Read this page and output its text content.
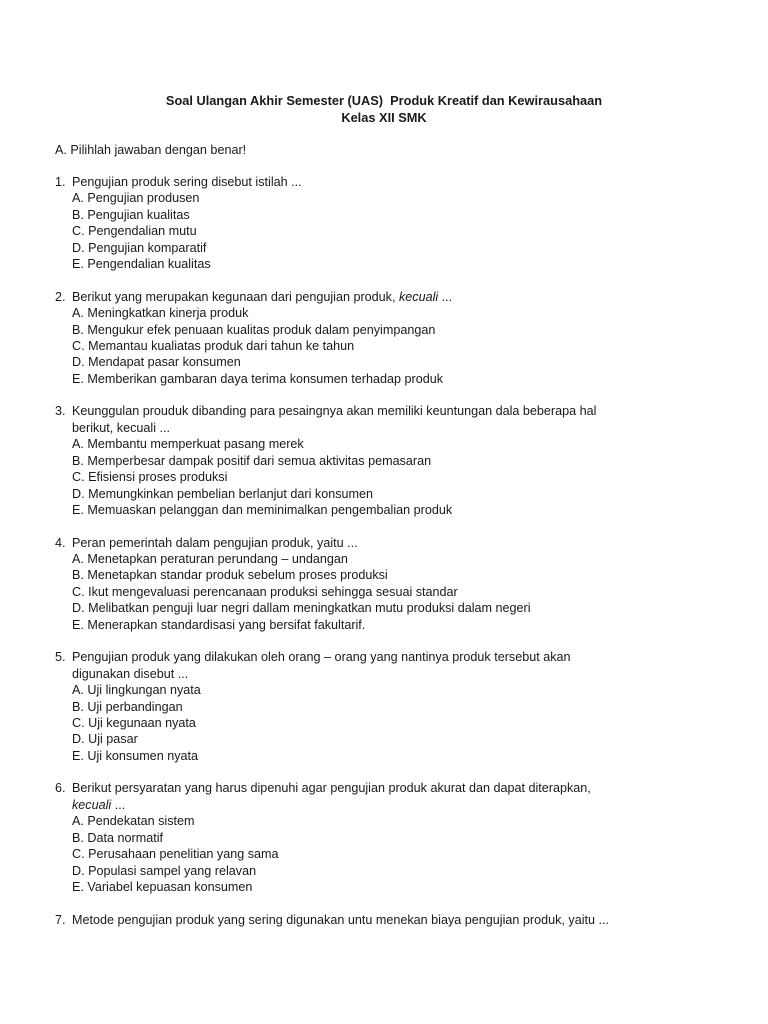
Soal Ulangan Akhir Semester (UAS)  Produk Kreatif dan Kewirausahaan
Kelas XII SMK
A. Pilihlah jawaban dengan benar!
1. Pengujian produk sering disebut istilah ...
A. Pengujian produsen
B. Pengujian kualitas
C. Pengendalian mutu
D. Pengujian komparatif
E. Pengendalian kualitas
2. Berikut yang merupakan kegunaan dari pengujian produk, kecuali ...
A. Meningkatkan kinerja produk
B. Mengukur efek penuaan kualitas produk dalam penyimpangan
C. Memantau kualiatas produk dari tahun ke tahun
D. Mendapat pasar konsumen
E. Memberikan gambaran daya terima konsumen terhadap produk
3. Keunggulan prouduk dibanding para pesaingnya akan memiliki keuntungan dala beberapa hal
berikut, kecuali ...
A. Membantu memperkuat pasang merek
B. Memperbesar dampak positif dari semua aktivitas pemasaran
C. Efisiensi proses produksi
D. Memungkinkan pembelian berlanjut dari konsumen
E. Memuaskan pelanggan dan meminimalkan pengembalian produk
4. Peran pemerintah dalam pengujian produk, yaitu ...
A. Menetapkan peraturan perundang – undangan
B. Menetapkan standar produk sebelum proses produksi
C. Ikut mengevaluasi perencanaan produksi sehingga sesuai standar
D. Melibatkan penguji luar negri dallam meningkatkan mutu produksi dalam negeri
E. Menerapkan standardisasi yang bersifat fakultarif.
5. Pengujian produk yang dilakukan oleh orang – orang yang nantinya produk tersebut akan
digunakan disebut ...
A. Uji lingkungan nyata
B. Uji perbandingan
C. Uji kegunaan nyata
D. Uji pasar
E. Uji konsumen nyata
6. Berikut persyaratan yang harus dipenuhi agar pengujian produk akurat dan dapat diterapkan,
kecuali ...
A. Pendekatan sistem
B. Data normatif
C. Perusahaan penelitian yang sama
D. Populasi sampel yang relavan
E. Variabel kepuasan konsumen
7. Metode pengujian produk yang sering digunakan untu menekan biaya pengujian produk, yaitu ...
